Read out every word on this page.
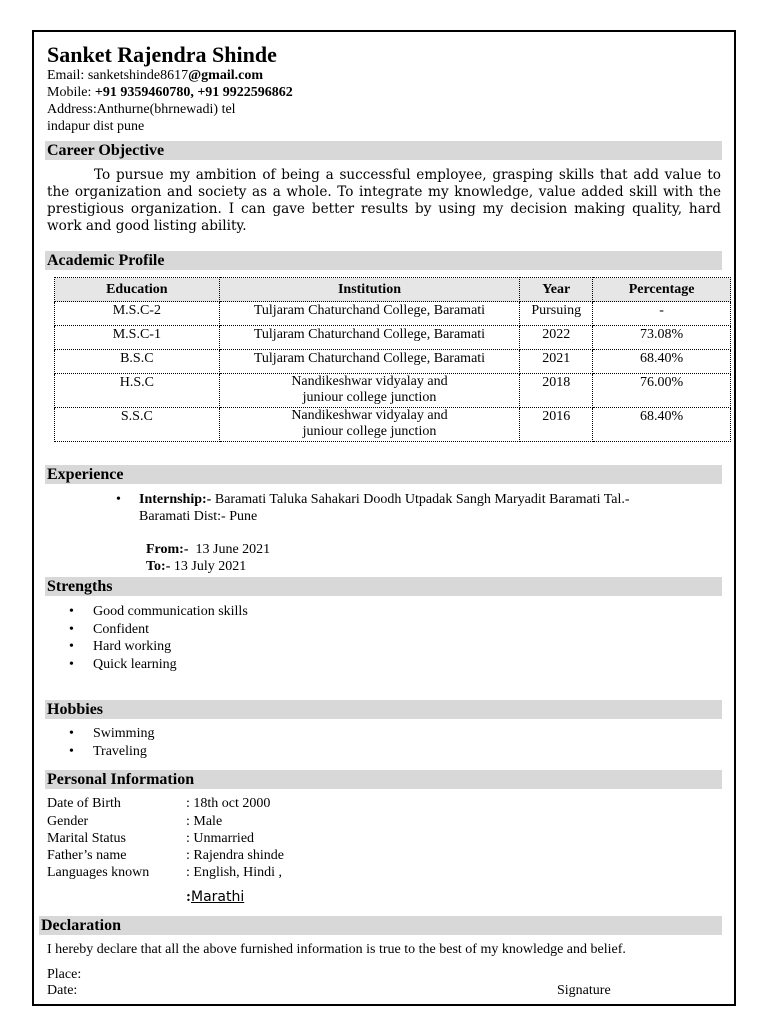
Sanket Rajendra Shinde
Email: sanketshinde8617@gmail.com
Mobile: +91 9359460780, +91 9922596862
Address:Anthurne(bhrnewadi) tel
indapur dist pune
Career Objective
To pursue my ambition of being a successful employee, grasping skills that add value to the organization and society as a whole. To integrate my knowledge, value added skill with the prestigious organization. I can gave better results by using my decision making quality, hard work and good listing ability.
Academic Profile
Education	Institution	Year	Percentage
M.S.C-2	Tuljaram Chaturchand College, Baramati	Pursuing	-
M.S.C-1	Tuljaram Chaturchand College, Baramati	2022	73.08%
B.S.C	Tuljaram Chaturchand College, Baramati	2021	68.40%
H.S.C	Nandikeshwar vidyalay and juniour college junction	2018	76.00%
S.S.C	Nandikeshwar vidyalay and juniour college junction	2016	68.40%
Experience
• Internship:- Baramati Taluka Sahakari Doodh Utpadak Sangh Maryadit Baramati Tal.-
Baramati Dist:- Pune

From:-  13 June 2021

To:- 13 July 2021

Strengths
• Good communication skills
• Confident
• Hard working
• Quick learning
Hobbies
• Swimming
• Traveling
Personal Information
Date of Birth	: 18th oct 2000
Gender	: Male
Marital Status	: Unmarried
Father’s name	: Rajendra shinde
Languages known	: English, Hindi ,
:Marathi
Declaration
I hereby declare that all the above furnished information is true to the best of my knowledge and belief.
Place:
Date:	Signature
